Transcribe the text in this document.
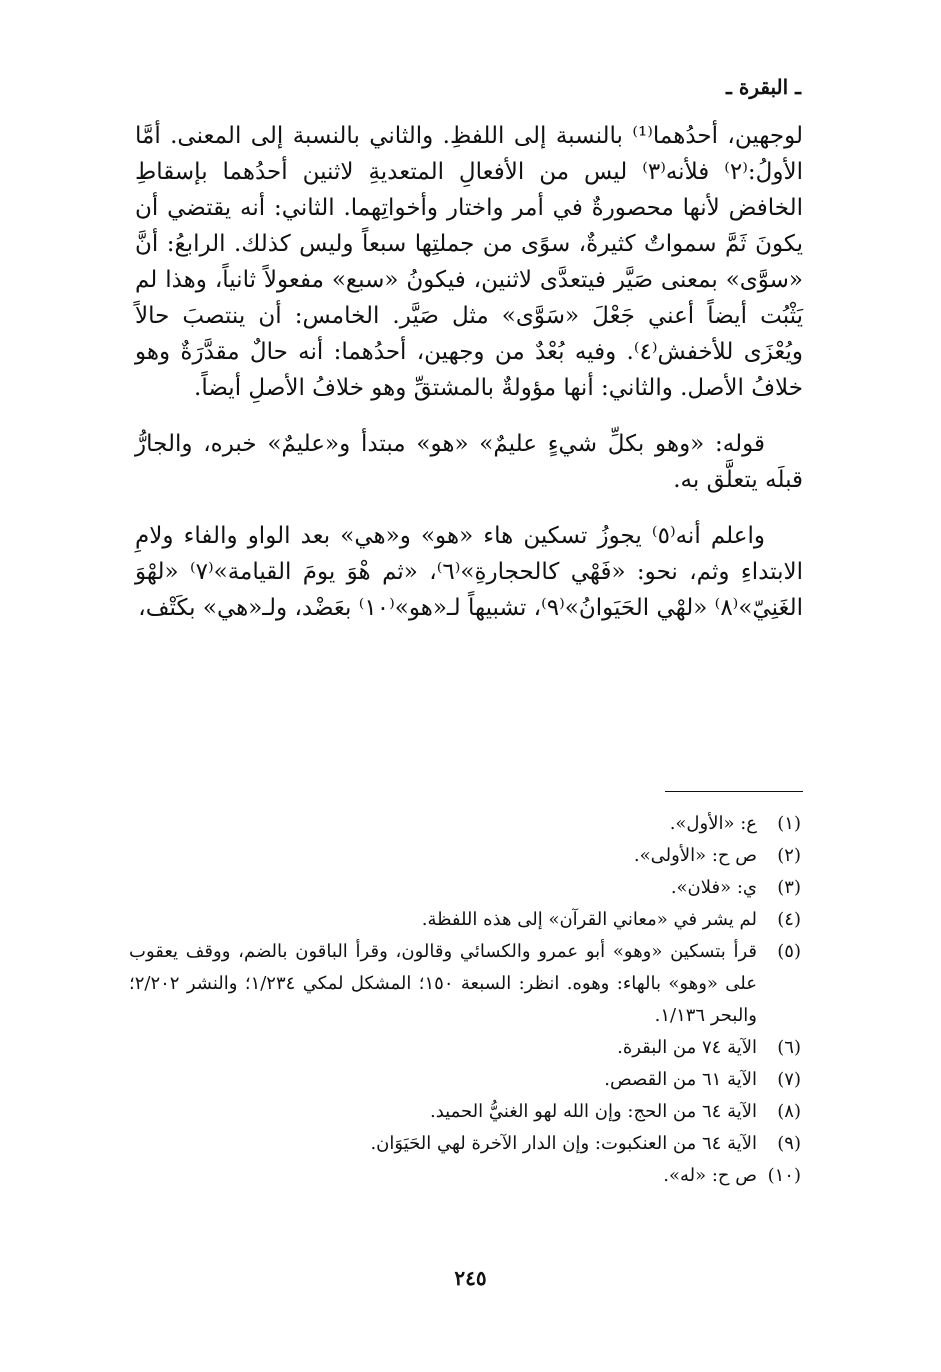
ـ البقرة ـ

لوجهين، أحدُهما⁽¹⁾ بالنسبة إلى اللفظِ. والثاني بالنسبة إلى المعنى. أمَّا الأولُ:⁽٢⁾ فلأنه⁽٣⁾ ليس من الأفعالِ المتعديةِ لاثنين أحدُهما بإسقاطِ الخافض لأنها محصورةٌ في أمر واختار وأخواتِهما. الثاني: أنه يقتضي أن يكونَ ثَمَّ سمواتٌ كثيرةٌ، سوًى من جملتِها سبعاً وليس كذلك. الرابعُ: أنَّ «سوَّى» بمعنى صَيَّر فيتعدَّى لاثنين، فيكونُ «سبع» مفعولاً ثانياً، وهذا لم يَثْبُت أيضاً أعني جَعْلَ «سَوَّى» مثل صَيَّر. الخامس: أن ينتصبَ حالاً ويُعْزَى للأخفش⁽٤⁾. وفيه بُعْدٌ من وجهين، أحدُهما: أنه حالٌ مقدَّرَةٌ وهو خلافُ الأصل. والثاني: أنها مؤولةٌ بالمشتقِّ وهو خلافُ الأصلِ أيضاً.

قوله: «وهو بكلِّ شيءٍ عليمٌ» «هو» مبتدأ و«عليمٌ» خبره، والجارُّ قبلَه يتعلَّق به.

واعلم أنه⁽٥⁾ يجوزُ تسكين هاء «هو» و«هي» بعد الواو والفاء ولامِ الابتداءِ وثم، نحو: «فَهْي كالحجارةِ»⁽٦⁾، «ثم هْوَ يومَ القيامة»⁽٧⁾ «لهْوَ الغَنِيّ»⁽٨⁾ «لهْي الحَيَوانُ»⁽٩⁾، تشبيهاً لـ«هو»⁽١٠⁾ بعَضْد، ولـ«هي» بكَتْف،

(١)
ع: «الأول».
(٢)
ص ح: «الأولى».
(٣)
ي: «فلان».
(٤)
لم يشر في «معاني القرآن» إلى هذه اللفظة.
(٥)
قرأ بتسكين «وهو» أبو عمرو والكسائي وقالون، وقرأ الباقون بالضم، ووقف يعقوب على «وهو» بالهاء: وهوه. انظر: السبعة ١٥٠؛ المشكل لمكي ١/٢٣٤؛ والنشر ٢/٢٠٢؛ والبحر ١/١٣٦.
(٦)
الآية ٧٤ من البقرة.
(٧)
الآية ٦١ من القصص.
(٨)
الآية ٦٤ من الحج: وإن الله لهو الغنيُّ الحميد.
(٩)
الآية ٦٤ من العنكبوت: وإن الدار الآخرة لهي الحَيَوَان.
(١٠)
ص ح: «له».
٢٤٥
